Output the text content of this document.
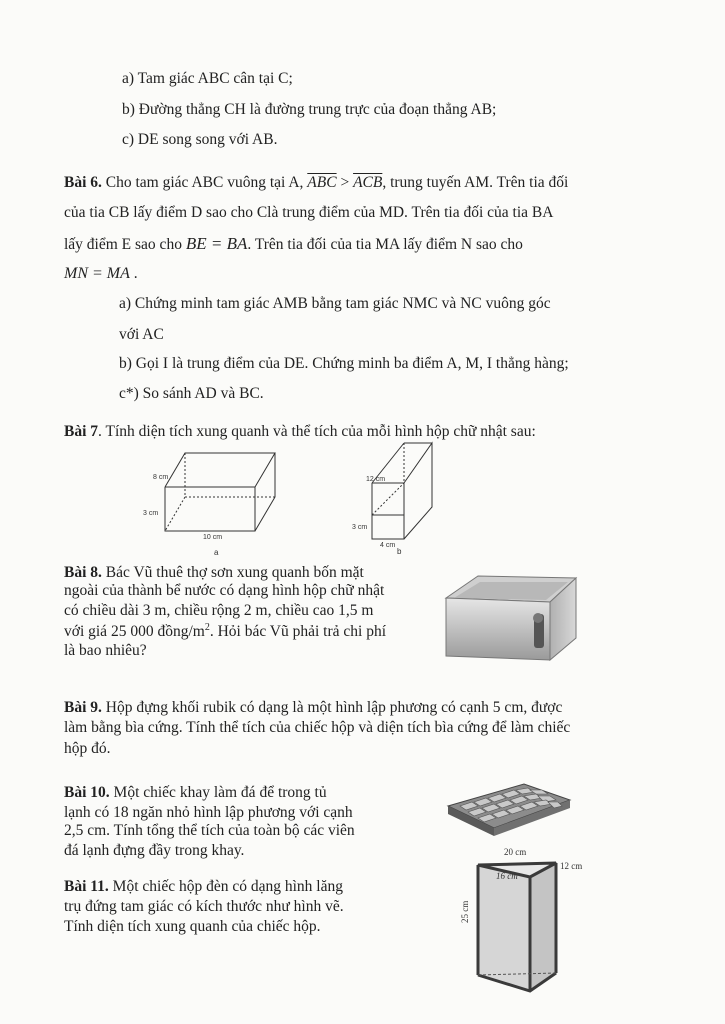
a) Tam giác ABC cân tại C;
b) Đường thẳng CH là đường trung trực của đoạn thẳng AB;
c) DE song song với AB.
Bài 6. Cho tam giác ABC vuông tại A, $\overline{ABC} > \overline{ACB}$, trung tuyến AM. Trên tia đối
của tia CB lấy điểm D sao cho Clà trung điểm của MD. Trên tia đối của tia BA
lấy điểm E sao cho BE = BA. Trên tia đối của tia MA lấy điểm N sao cho
MN = MA .
a) Chứng minh tam giác AMB bằng tam giác NMC và NC vuông góc
với AC
b) Gọi I là trung điểm của DE. Chứng minh ba điểm A, M, I thẳng hàng;
c*) So sánh AD và BC.
Bài 7. Tính diện tích xung quanh và thể tích của mỗi hình hộp chữ nhật sau:
8 cm
3 cm
10 cm
a
12 cm
3 cm
4 cm
b
Bài 8. Bác Vũ thuê thợ sơn xung quanh bốn mặt
ngoài của thành bể nước có dạng hình hộp chữ nhật
có chiều dài 3 m, chiều rộng 2 m, chiều cao 1,5 m
với giá 25 000 đồng/$m^2$. Hỏi bác Vũ phải trả chi phí
là bao nhiêu?
Bài 9. Hộp đựng khối rubik có dạng là một hình lập phương có cạnh 5 cm, được
làm bằng bìa cứng. Tính thể tích của chiếc hộp và diện tích bìa cứng để làm chiếc
hộp đó.
Bài 10. Một chiếc khay làm đá để trong tủ
lạnh có 18 ngăn nhỏ hình lập phương với cạnh
2,5 cm. Tính tổng thể tích của toàn bộ các viên
đá lạnh đựng đầy trong khay.
Bài 11. Một chiếc hộp đèn có dạng hình lăng
trụ đứng tam giác có kích thước như hình vẽ.
Tính diện tích xung quanh của chiếc hộp.
20 cm
16 cm
12 cm
25 cm
